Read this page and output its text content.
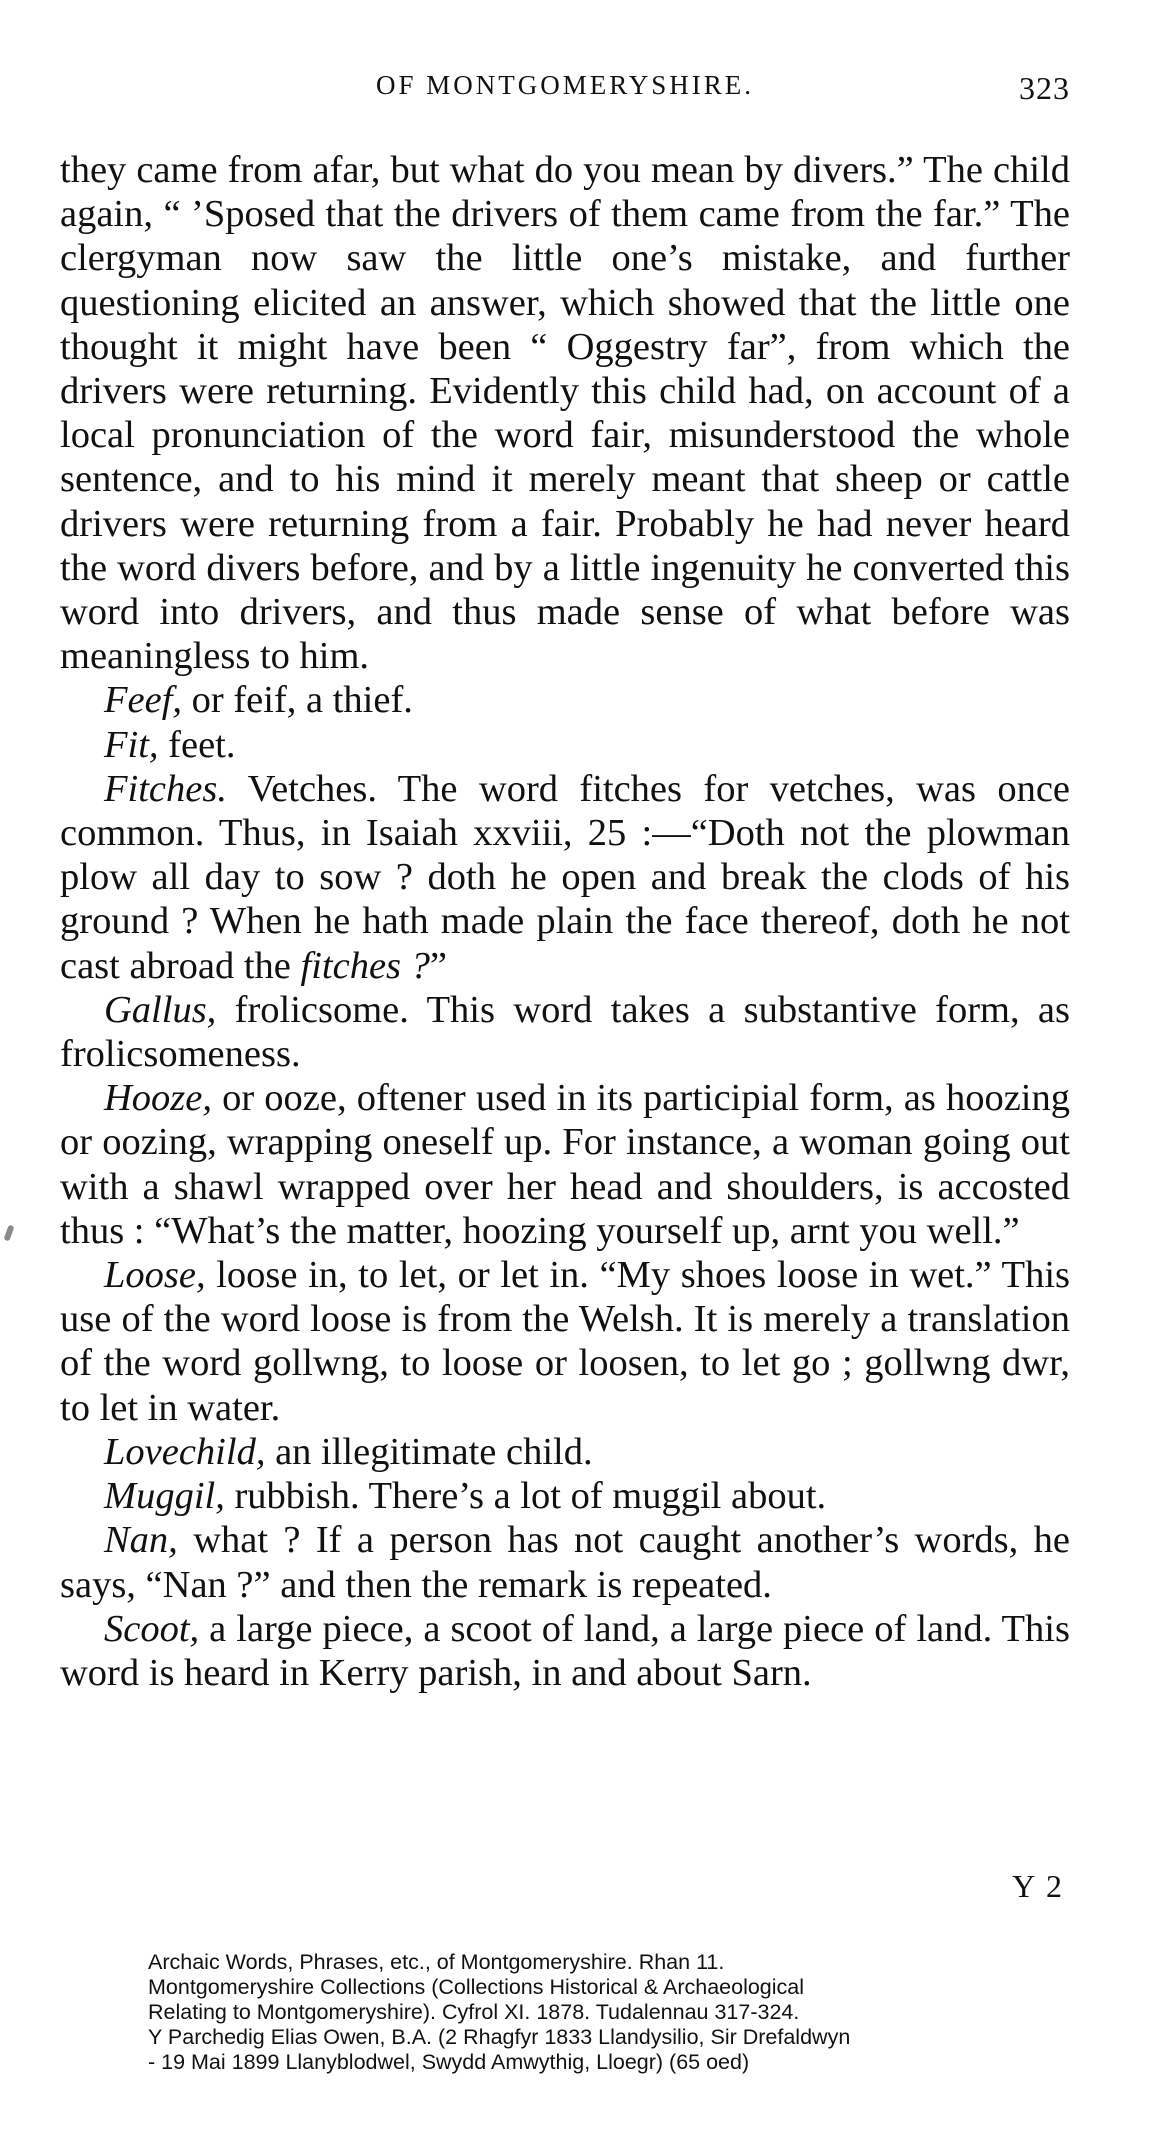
OF MONTGOMERYSHIRE.	323

they came from afar, but what do you mean by divers.” The child again, “ ’Sposed that the drivers of them came from the far.” The clergyman now saw the little one’s mistake, and further questioning elicited an answer, which showed that the little one thought it might have been “ Oggestry far”, from which the drivers were returning. Evidently this child had, on account of a local pronunciation of the word fair, misunderstood the whole sentence, and to his mind it merely meant that sheep or cattle drivers were returning from a fair. Probably he had never heard the word divers before, and by a little ingenuity he converted this word into drivers, and thus made sense of what before was meaningless to him.

Feef, or feif, a thief.

Fit, feet.

Fitches. Vetches. The word fitches for vetches, was once common. Thus, in Isaiah xxviii, 25 :—“Doth not the plowman plow all day to sow ? doth he open and break the clods of his ground ? When he hath made plain the face thereof, doth he not cast abroad the fitches ?”

Gallus, frolicsome. This word takes a substantive form, as frolicsomeness.

Hooze, or ooze, oftener used in its participial form, as hoozing or oozing, wrapping oneself up. For instance, a woman going out with a shawl wrapped over her head and shoulders, is accosted thus : “What’s the matter, hoozing yourself up, arnt you well.”

Loose, loose in, to let, or let in. “My shoes loose in wet.” This use of the word loose is from the Welsh. It is merely a translation of the word gollwng, to loose or loosen, to let go ; gollwng dwr, to let in water.

Lovechild, an illegitimate child.

Muggil, rubbish. There’s a lot of muggil about.

Nan, what ? If a person has not caught another’s words, he says, “Nan ?” and then the remark is repeated.

Scoot, a large piece, a scoot of land, a large piece of land. This word is heard in Kerry parish, in and about Sarn.

Y 2
Archaic Words, Phrases, etc., of Montgomeryshire. Rhan 11.
Montgomeryshire Collections (Collections Historical & Archaeological
Relating to Montgomeryshire). Cyfrol XI. 1878. Tudalennau 317-324.
Y Parchedig Elias Owen, B.A. (2 Rhagfyr 1833 Llandysilio, Sir Drefaldwyn
- 19 Mai 1899 Llanyblodwel, Swydd Amwythig, Lloegr) (65 oed)
